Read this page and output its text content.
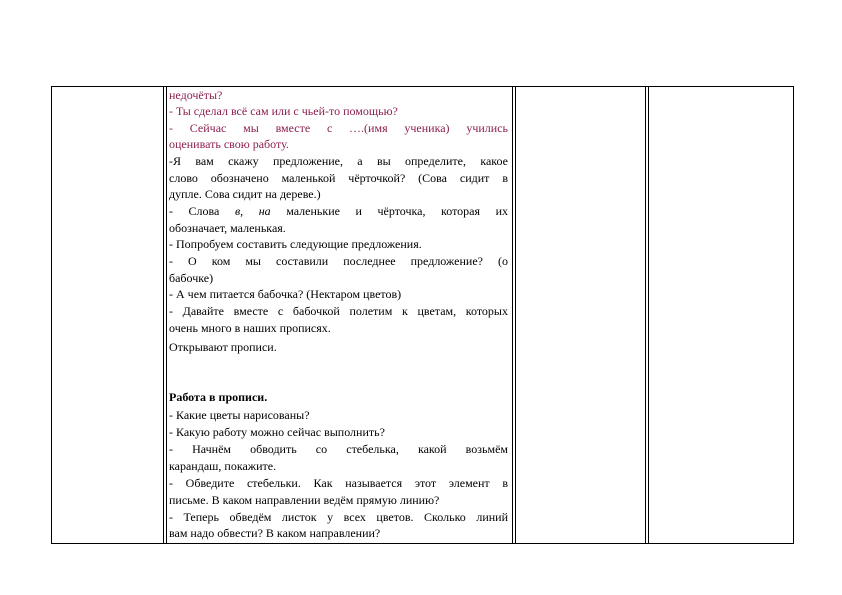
недочёты?
- Ты сделал всё сам или с чьей-то помощью?
- Сейчас мы вместе с ….(имя ученика) учились
оценивать свою работу.
-Я вам скажу предложение, а вы определите, какое
слово обозначено маленькой чёрточкой? (Сова сидит в
дупле. Сова сидит на дереве.)
- Слова в, на маленькие и чёрточка, которая их
обозначает, маленькая.
- Попробуем составить следующие предложения.
- О ком мы составили последнее предложение? (о
бабочке)
- А чем питается бабочка? (Нектаром цветов)
- Давайте вместе с бабочкой полетим к цветам, которых
очень много в наших прописях.
Открывают прописи.
Работа в прописи.
- Какие цветы нарисованы?
- Какую работу можно сейчас выполнить?
- Начнём обводить со стебелька, какой возьмём
карандаш, покажите.
- Обведите стебельки. Как называется этот элемент в
письме. В каком направлении ведём прямую линию?
- Теперь обведём листок у всех цветов. Сколько линий
вам надо обвести? В каком направлении?
